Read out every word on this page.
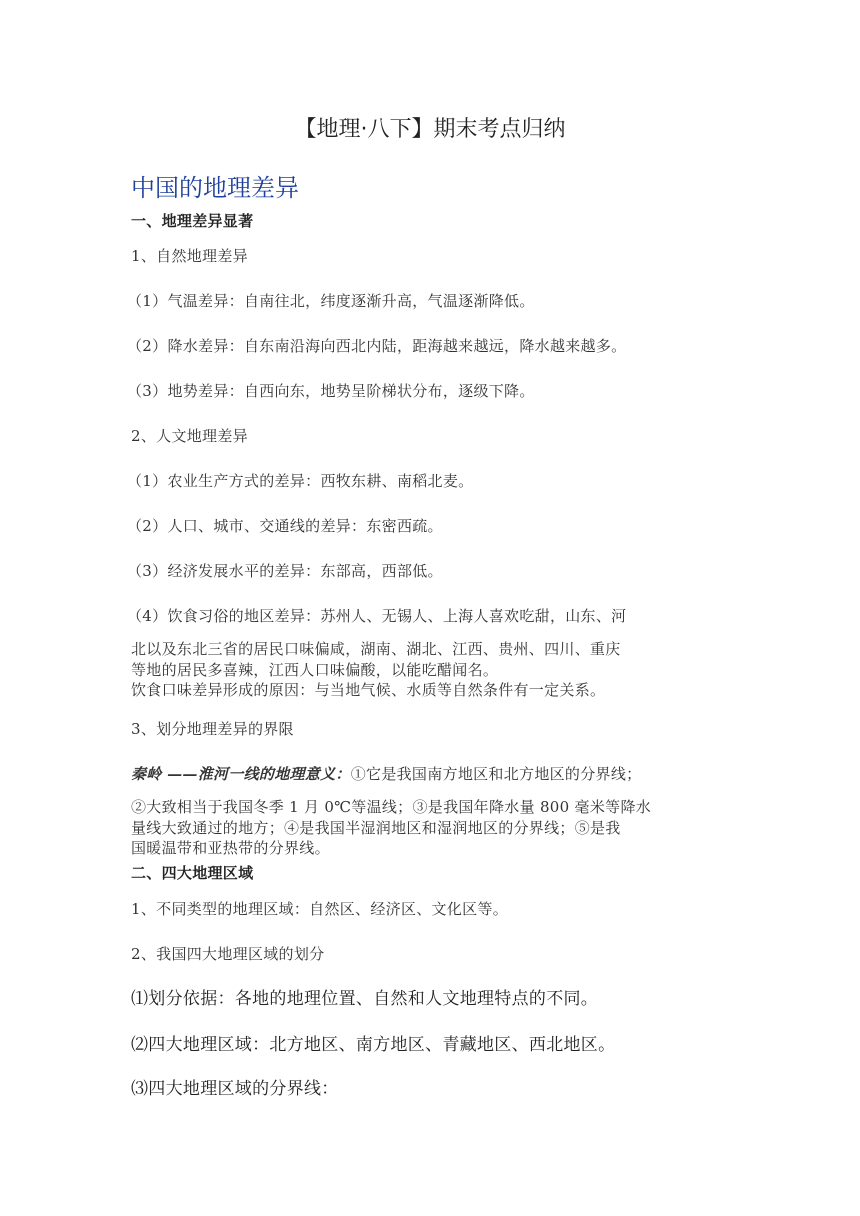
【地理·八下】期末考点归纳
中国的地理差异
一、地理差异显著
1、自然地理差异
（1）气温差异：自南往北，纬度逐渐升高，气温逐渐降低。
（2）降水差异：自东南沿海向西北内陆，距海越来越远，降水越来越多。
（3）地势差异：自西向东，地势呈阶梯状分布，逐级下降。
2、人文地理差异
（1）农业生产方式的差异：西牧东耕、南稻北麦。
（2）人口、城市、交通线的差异：东密西疏。
（3）经济发展水平的差异：东部高，西部低。
（4）饮食习俗的地区差异：苏州人、无锡人、上海人喜欢吃甜，山东、河

北以及东北三省的居民口味偏咸，湖南、湖北、江西、贵州、四川、重庆

等地的居民多喜辣，江西人口味偏酸，以能吃醋闻名。

饮食口味差异形成的原因：与当地气候、水质等自然条件有一定关系。

3、划分地理差异的界限
秦岭 ——淮河一线的地理意义：①它是我国南方地区和北方地区的分界线；

②大致相当于我国冬季 1 月 0℃等温线；③是我国年降水量 800 毫米等降水

量线大致通过的地方；④是我国半湿润地区和湿润地区的分界线；⑤是我

国暖温带和亚热带的分界线。

二、四大地理区域
1、不同类型的地理区域：自然区、经济区、文化区等。
2、我国四大地理区域的划分
⑴划分依据：各地的地理位置、自然和人文地理特点的不同。
⑵四大地理区域：北方地区、南方地区、青藏地区、西北地区。
⑶四大地理区域的分界线：
